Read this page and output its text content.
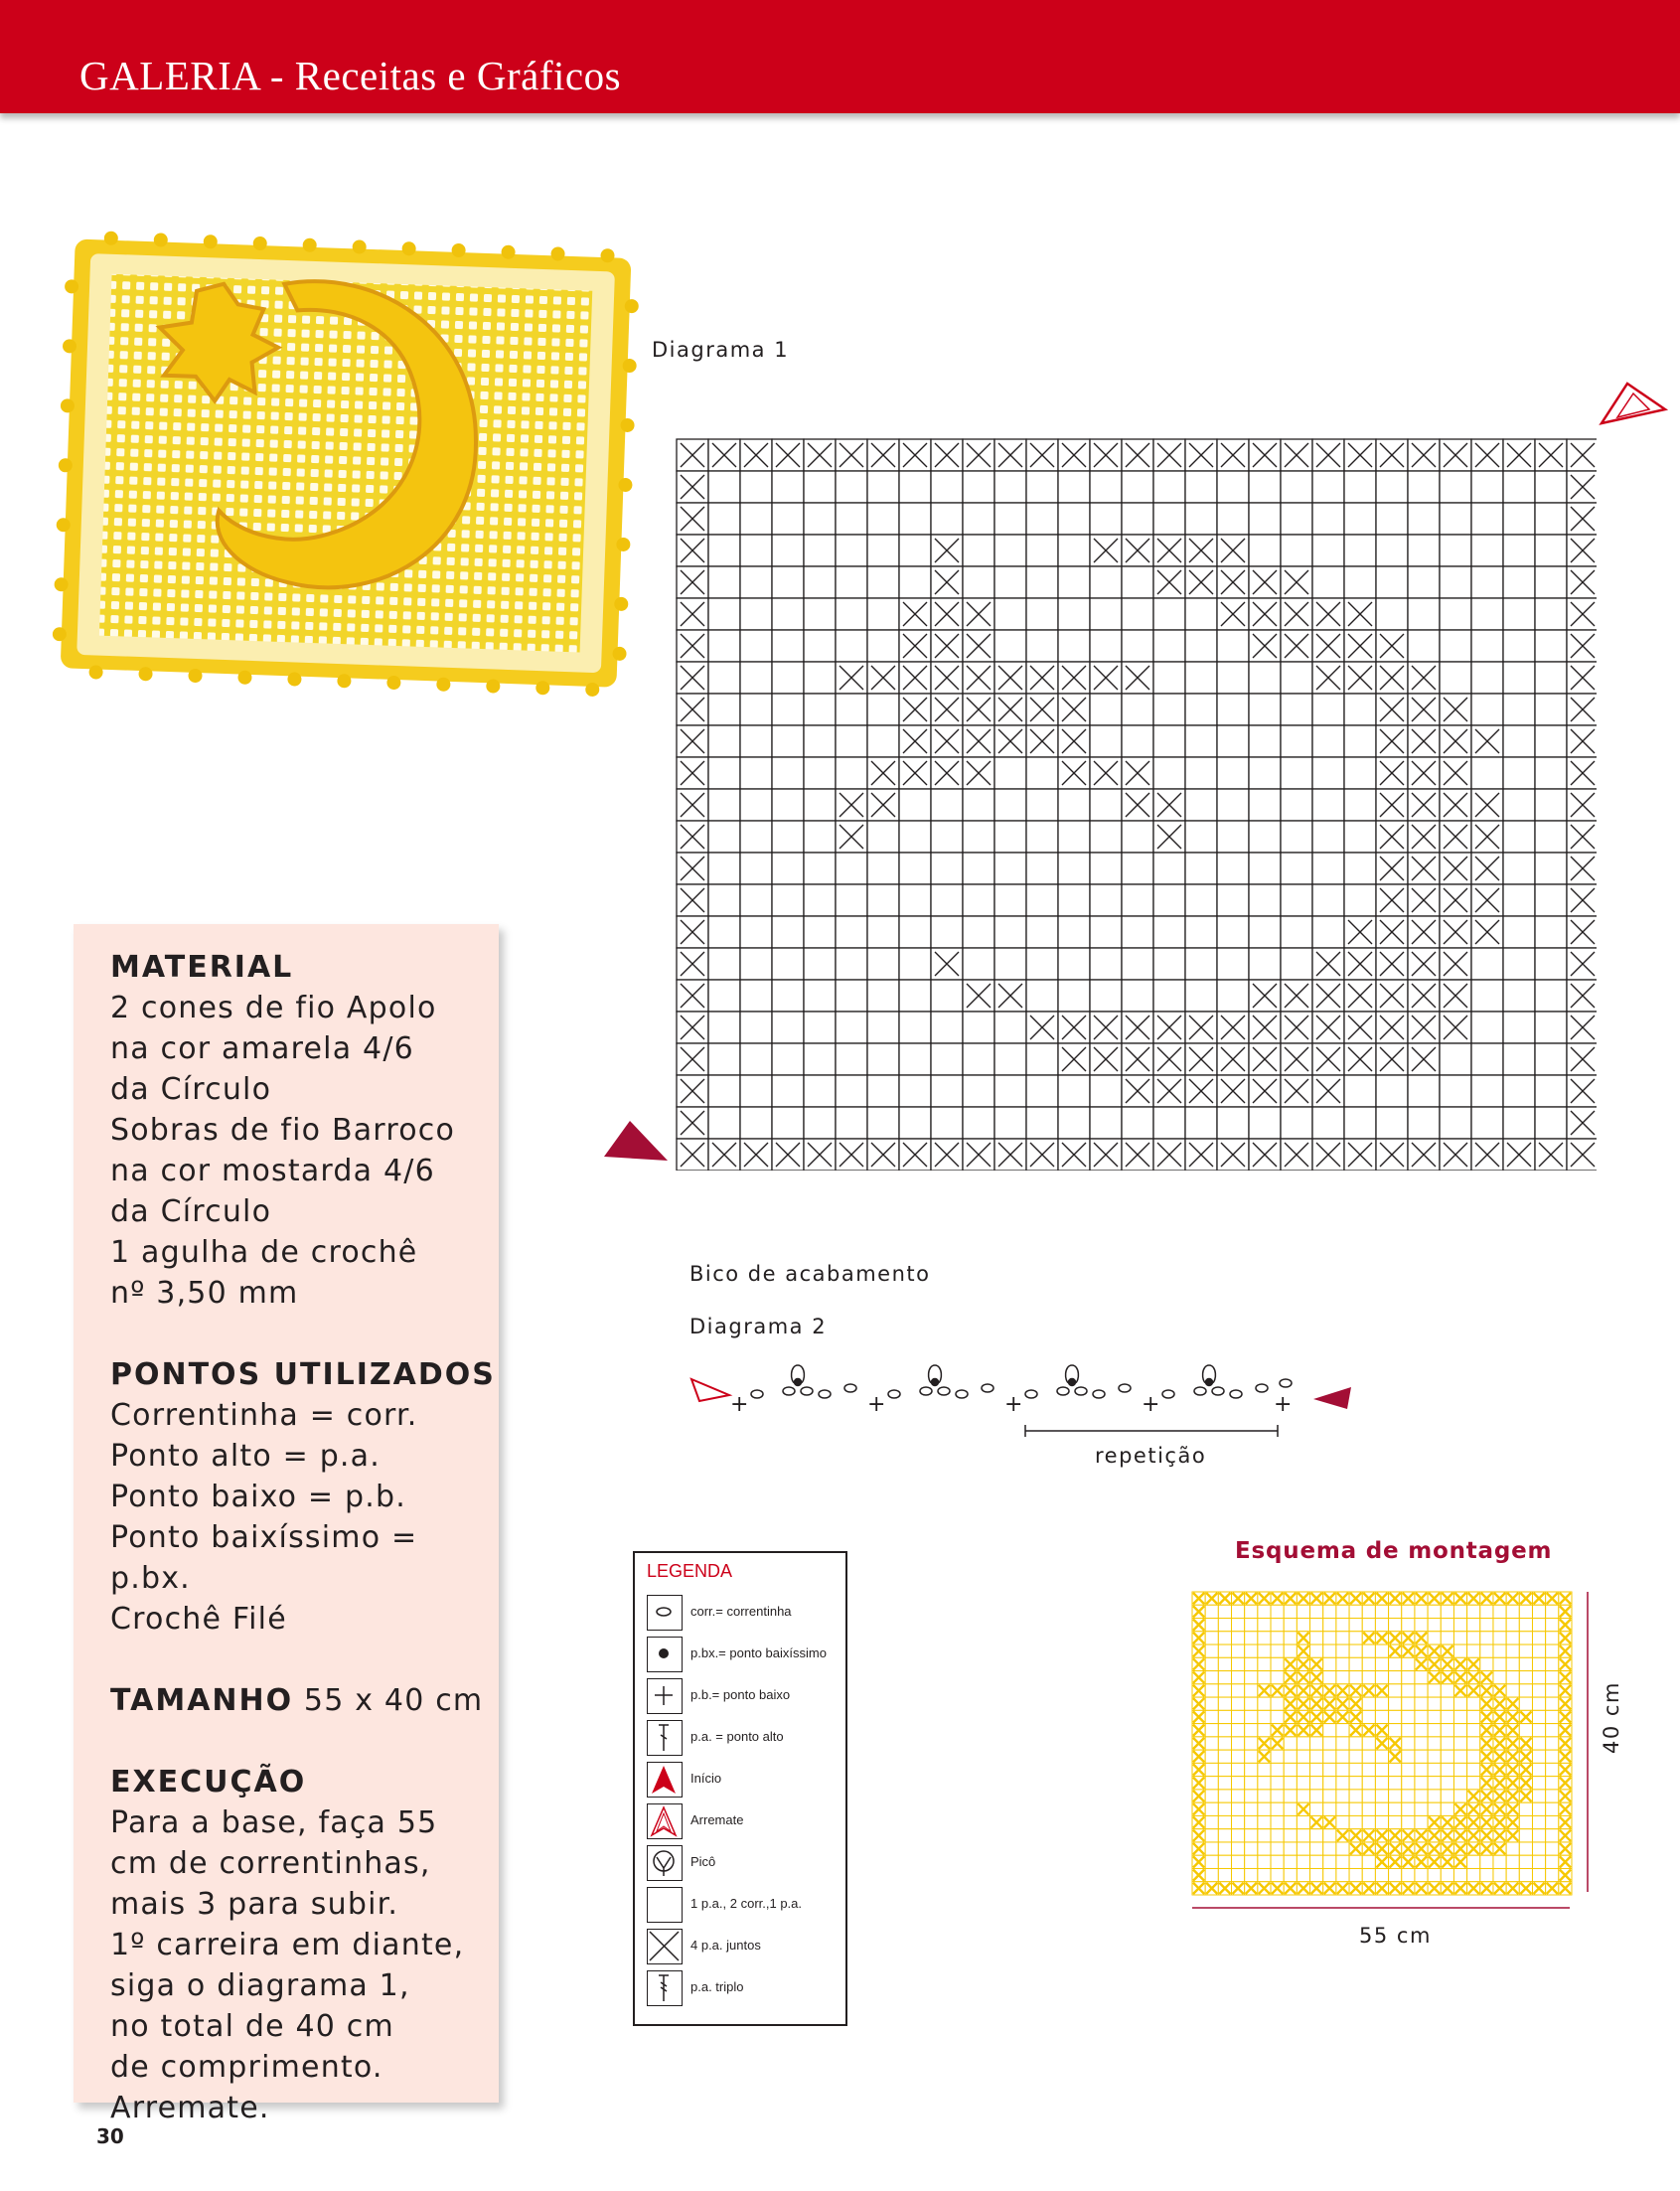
GALERIA - Receitas e Gráficos
Diagrama 1
Bico de acabamento
Diagrama 2
+	+
repetição
MATERIAL
2 cones de fio Apolo
na cor amarela 4/6
da Círculo
Sobras de fio Barroco
na cor mostarda 4/6
da Círculo
1 agulha de crochê
nº 3,50 mm
PONTOS UTILIZADOS
Correntinha = corr.
Ponto alto = p.a.
Ponto baixo = p.b.
Ponto baixíssimo = p.bx.
Crochê Filé
TAMANHO 55 x 40 cm
EXECUÇÃO
Para a base, faça 55
cm de correntinhas,
mais 3 para subir.
1º carreira em diante,
siga o diagrama 1,
no total de 40 cm
de comprimento.
Arremate.
LEGENDA
corr.= correntinha
p.bx.= ponto baixíssimo
p.b.= ponto baixo
p.a. = ponto alto
Início
Arremate
Picô
1 p.a., 2 corr.,1 p.a.
4 p.a. juntos
p.a. triplo
Esquema de montagem
55 cm
40 cm
30
